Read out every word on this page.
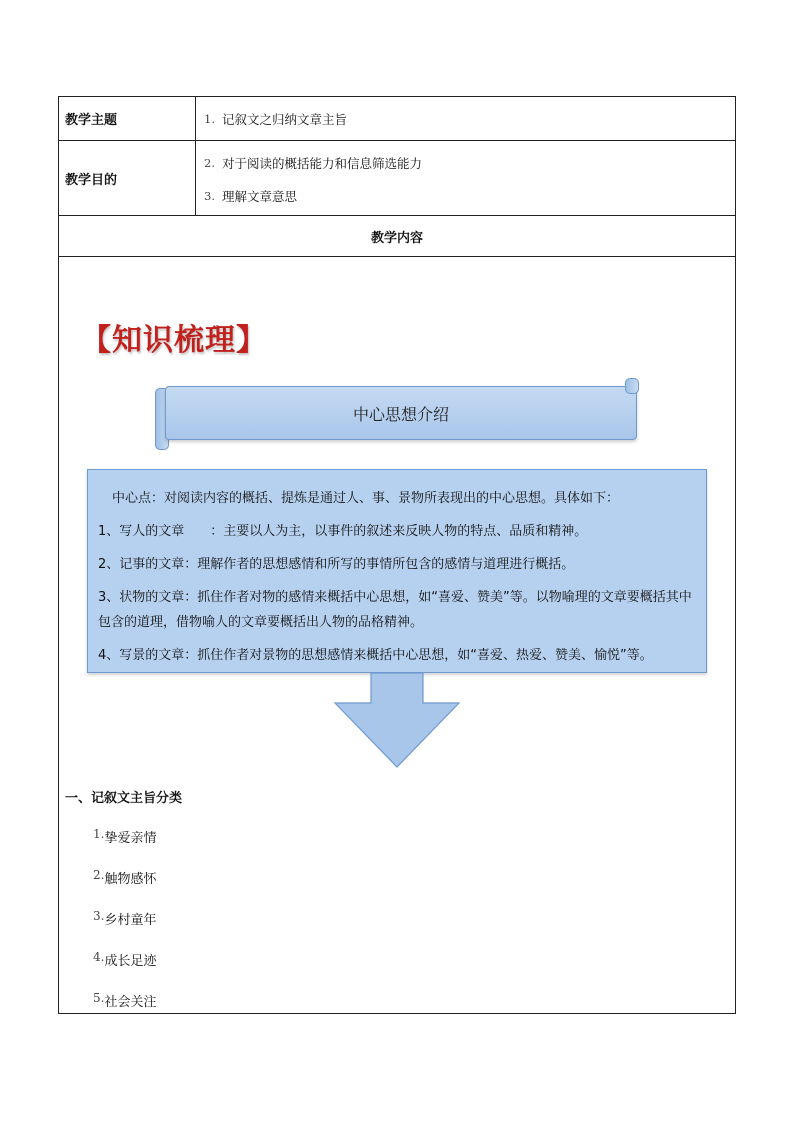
教学主题	1. 记叙文之归纳文章主旨
教学目的
2. 对于阅读的概括能力和信息筛选能力
3. 理解文章意思
教学内容
【知识梳理】
中心思想介绍

中心点：对阅读内容的概括、提炼是通过人、事、景物所表现出的中心思想。具体如下：

1、写人的文章　　：主要以人为主，以事件的叙述来反映人物的特点、品质和精神。

2、记事的文章：理解作者的思想感情和所写的事情所包含的感情与道理进行概括。

3、状物的文章：抓住作者对物的感情来概括中心思想，如“喜爱、赞美”等。以物喻理的文章要概括其中包含的道理，借物喻人的文章要概括出人物的品格精神。

4、写景的文章：抓住作者对景物的思想感情来概括中心思想，如“喜爱、热爱、赞美、愉悦”等。

一、记叙文主旨分类
1. 挚爱亲情
2. 触物感怀
3. 乡村童年
4. 成长足迹
5. 社会关注
